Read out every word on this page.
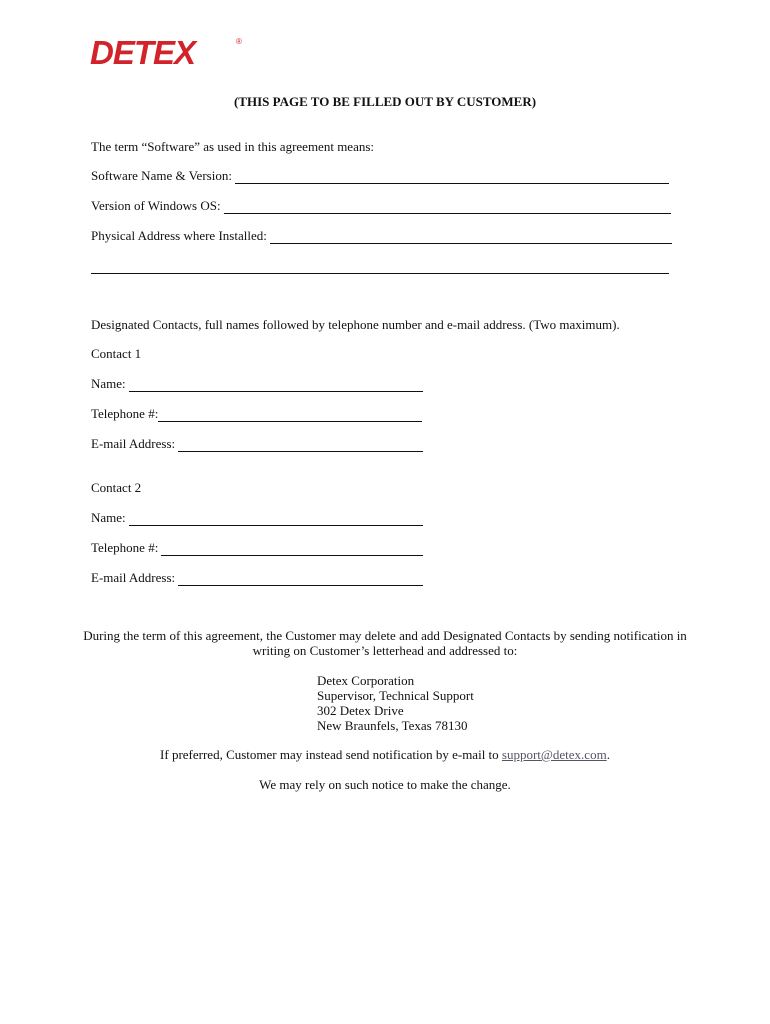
DETEX	®
(THIS PAGE TO BE FILLED OUT BY CUSTOMER)
The term “Software” as used in this agreement means:
Software Name & Version:
Version of Windows OS:
Physical Address where Installed:
Designated Contacts, full names followed by telephone number and e-mail address. (Two maximum).
Contact 1
Name:
Telephone #:
E-mail Address:
Contact 2
Name:
Telephone #:
E-mail Address:
During the term of this agreement, the Customer may delete and add Designated Contacts by sending notification in
writing on Customer’s letterhead and addressed to:
Detex Corporation
Supervisor, Technical Support
302 Detex Drive
New Braunfels, Texas 78130
If preferred, Customer may instead send notification by e-mail to support@detex.com.
We may rely on such notice to make the change.
